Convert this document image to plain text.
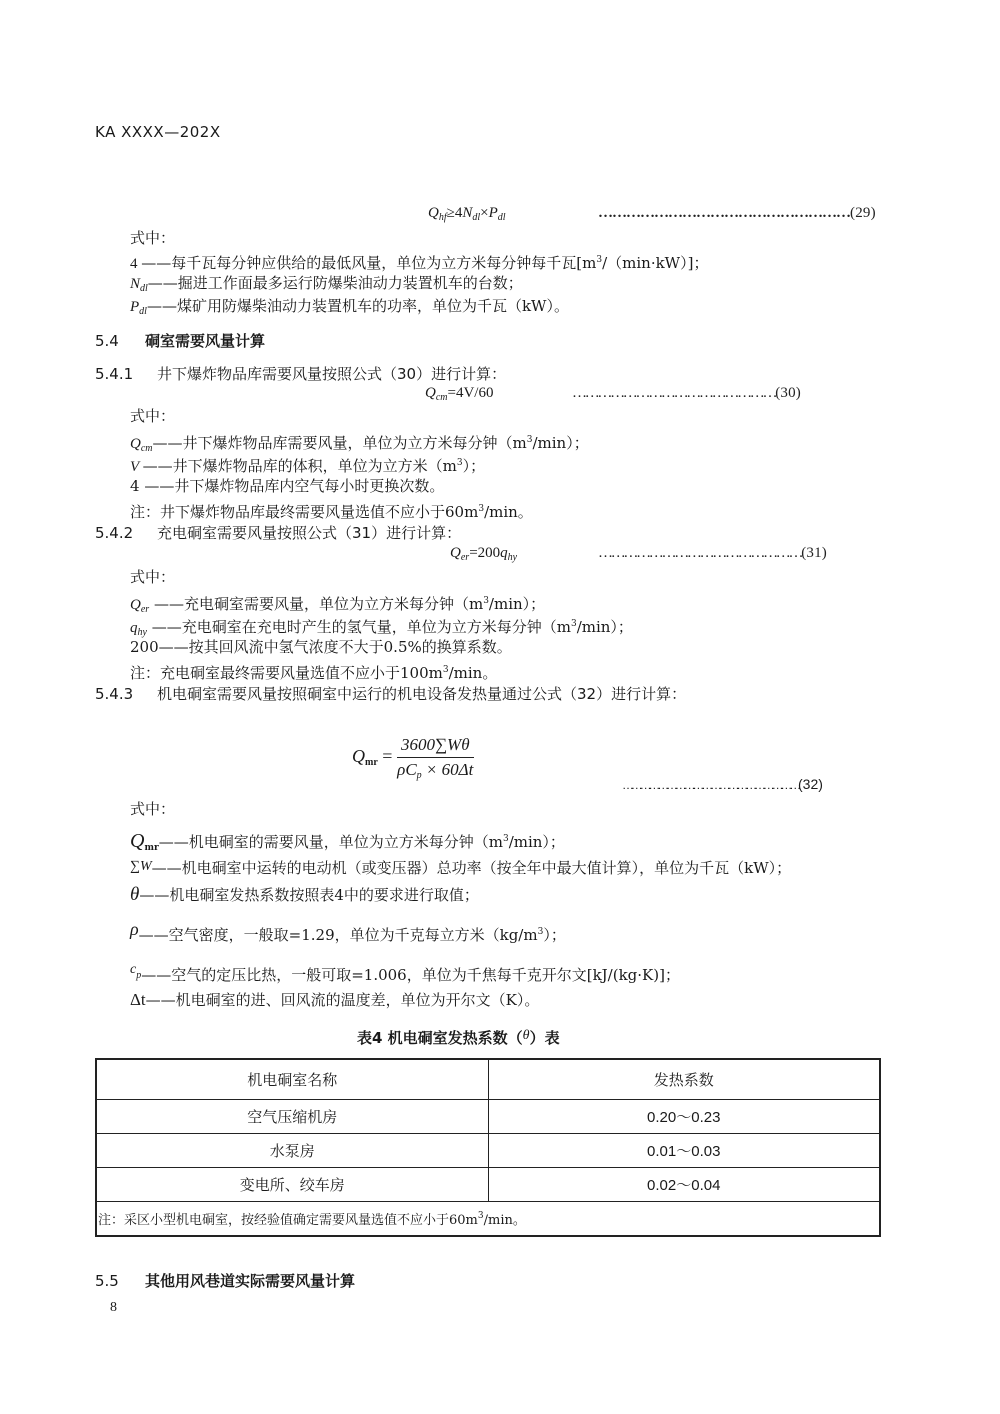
KA XXXX—202X
$Q_{hf}\ge 4N_{dl}\times P_{dl}$	………………………………………………(29)
式中：
4 ——每千瓦每分钟应供给的最低风量，单位为立方米每分钟每千瓦$[m^3/(\min\cdot kW)]$；
$N_{dl}——$掘进工作面最多运行防爆柴油动力装置机车的台数；
$P_{dl}——$煤矿用防爆柴油动力装置机车的功率，单位为千瓦（kW）。
5.4 硐室需要风量计算
5.4.1 井下爆炸物品库需要风量按照公式（30）进行计算：
$Q_{cm}=4V/60$	…………………………………………(30)
式中：
$Q_{cm}——$井下爆炸物品库需要风量，单位为立方米每分钟$(m^3/\min)$；
V ——井下爆炸物品库的体积，单位为立方米$(m^3)$；
4 ——井下爆炸物品库内空气每小时更换次数。
注：井下爆炸物品库最终需要风量选值不应小于$60m^3/\min$。
5.4.2 充电硐室需要风量按照公式（31）进行计算：
$Q_{er}=200q_{hy}$	…………………………………………(31)
式中：
$Q_{er}$ ——充电硐室需要风量，单位为立方米每分钟$(m^3/\min)$；
$q_{hy}$ ——充电硐室在充电时产生的氢气量，单位为立方米每分钟$(m^3/\min)$；
200——按其回风流中氢气浓度不大于0.5%的换算系数。
注：充电硐室最终需要风量选值不应小于$100m^3/\min$。
5.4.3 机电硐室需要风量按照硐室中运行的机电设备发热量通过公式（32）进行计算：
$Q_{mr} = \frac{3600\sum W\theta}{\rho C_p \times 60\Delta t}$
……………………………………………………(32)
式中：
$Q_{mr}——$机电硐室的需要风量，单位为立方米每分钟$(m^3/\min)$；
∑W——机电硐室中运转的电动机（或变压器）总功率（按全年中最大值计算），单位为千瓦（kW）；
θ——机电硐室发热系数按照表4中的要求进行取值；
ρ——空气密度，一般取=1.29，单位为千克每立方米$(kg/m^3)$；
$c_p——$空气的定压比热，一般可取=1.006，单位为千焦每千克开尔文[kJ/(kg·K)]；
Δt——机电硐室的进、回风流的温度差，单位为开尔文（K）。
表4 机电硐室发热系数（θ）表
机电硐室名称	发热系数
空气压缩机房	0.20～0.23
水泵房	0.01～0.03
变电所、绞车房	0.02～0.04
注：采区小型机电硐室，按经验值确定需要风量选值不应小于$60m^3/\min$。	
5.5 其他用风巷道实际需要风量计算
8
